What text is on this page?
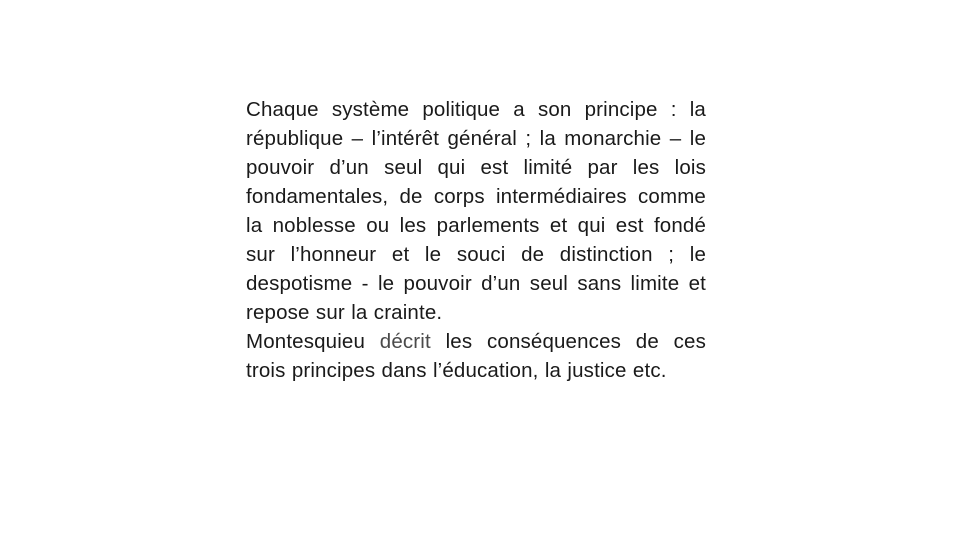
Chaque système politique a son principe : la république – l’intérêt général ; la monarchie – le pouvoir d’un seul qui est limité par les lois fondamentales, de corps intermédiaires comme la noblesse ou les parlements et qui est fondé sur l’honneur et le souci de distinction ; le despotisme - le pouvoir d’un seul sans limite et repose sur la crainte.

Montesquieu décrit les conséquences de ces trois principes dans l’éducation, la justice etc.
